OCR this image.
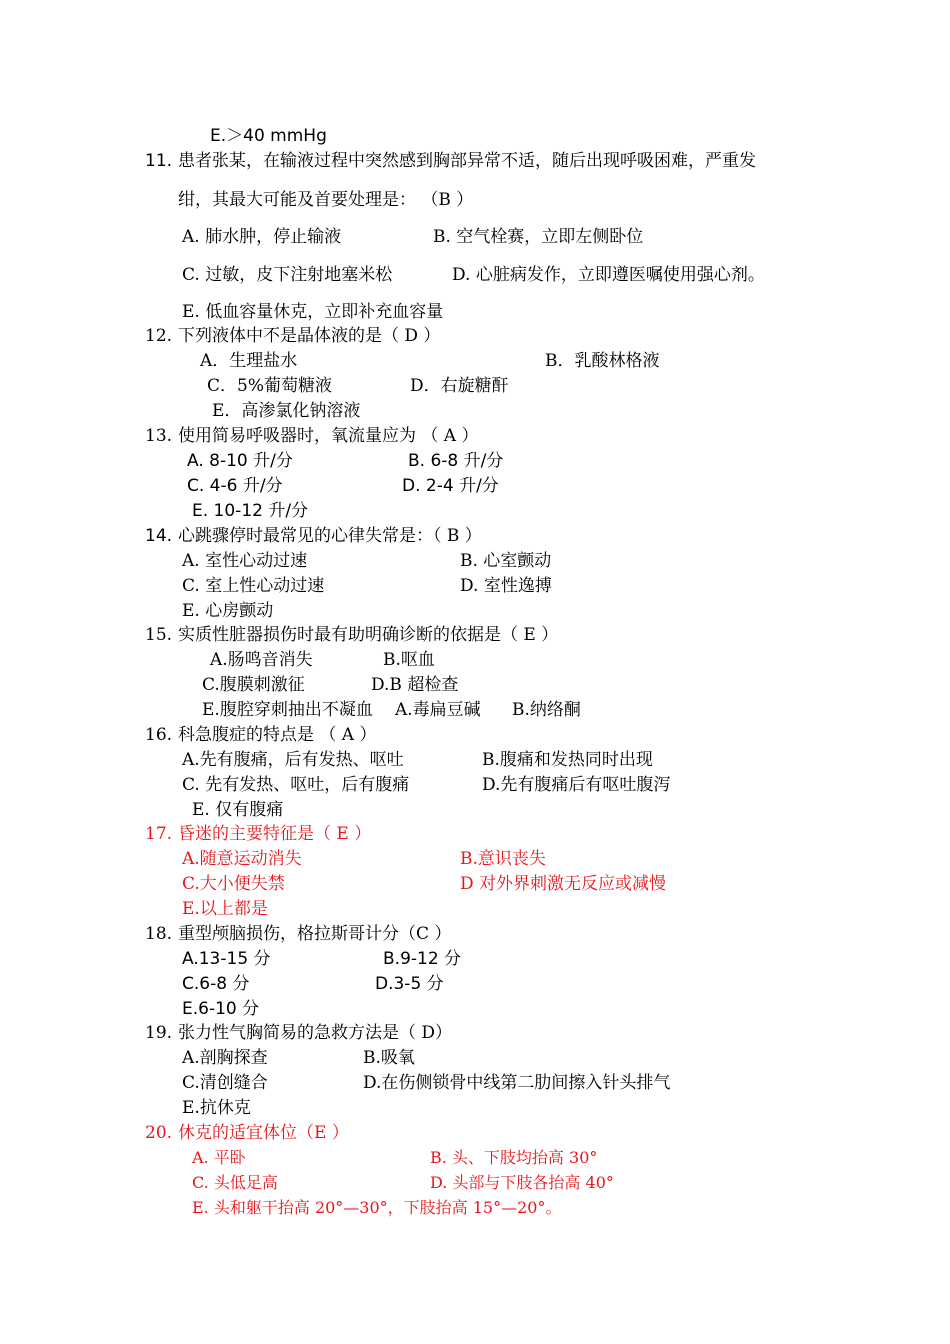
E.＞40 mmHg
11. 患者张某，在输液过程中突然感到胸部异常不适，随后出现呼吸困难，严重发
绀，其最大可能及首要处理是： （B ）
A. 肺水肿，停止输液	B. 空气栓赛，立即左侧卧位
C. 过敏，皮下注射地塞米松	D. 心脏病发作，立即遵医嘱使用强心剂。
E. 低血容量休克，立即补充血容量
12. 下列液体中不是晶体液的是（ D ）
A．生理盐水	B．乳酸林格液
C．5%葡萄糖液	D．右旋糖酐
E．高渗氯化钠溶液
13. 使用简易呼吸器时，氧流量应为 （ A ）
A. 8-10 升/分	B. 6-8 升/分
C. 4-6 升/分	D. 2-4 升/分
E. 10-12 升/分
14. 心跳骤停时最常见的心律失常是：（ B ）
A. 室性心动过速	B. 心室颤动
C. 室上性心动过速	D. 室性逸搏
E. 心房颤动
15. 实质性脏器损伤时最有助明确诊断的依据是（ E ）
A.肠鸣音消失	B.呕血
C.腹膜刺激征	D.B 超检查
E.腹腔穿刺抽出不凝血 A.毒扁豆碱 B.纳络酮
16. 科急腹症的特点是 （ A ）
A.先有腹痛，后有发热、呕吐	B.腹痛和发热同时出现
C. 先有发热、呕吐，后有腹痛	D.先有腹痛后有呕吐腹泻
E. 仅有腹痛
17. 昏迷的主要特征是（ E ）
A.随意运动消失	B.意识丧失
C.大小便失禁	D 对外界刺激无反应或减慢
E.以上都是
18. 重型颅脑损伤，格拉斯哥计分（C ）
A.13-15 分	B.9-12 分
C.6-8 分	D.3-5 分
E.6-10 分
19. 张力性气胸简易的急救方法是（ D）
A.剖胸探查	B.吸氧
C.清创缝合	D.在伤侧锁骨中线第二肋间擦入针头排气
E.抗休克
20. 休克的适宜体位（E ）
A. 平卧	B. 头、下肢均抬高 30°
C. 头低足高	D. 头部与下肢各抬高 40°
E. 头和躯干抬高 20°—30°，下肢抬高 15°—20°。
